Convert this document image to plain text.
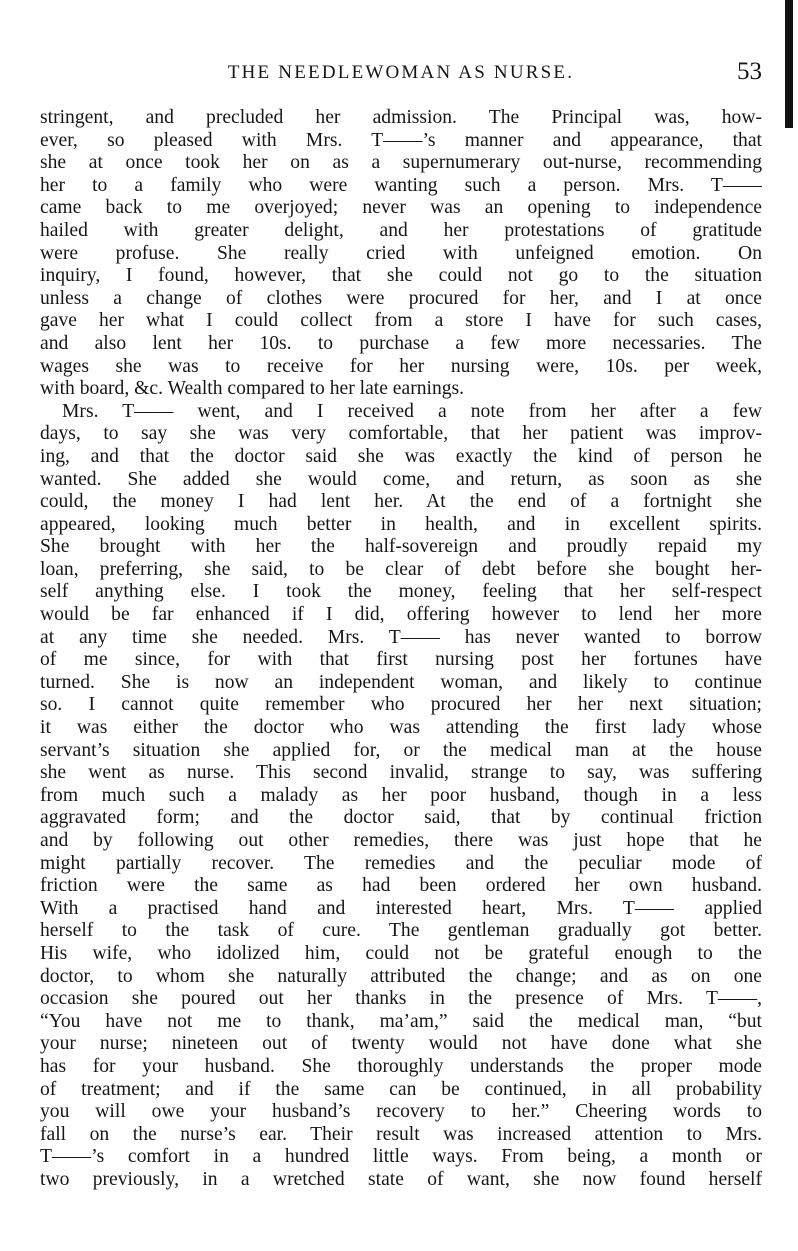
THE NEEDLEWOMAN AS NURSE.	53
stringent, and precluded her admission. The Principal was, how-
ever, so pleased with Mrs. T——’s manner and appearance, that
she at once took her on as a supernumerary out-nurse, recommending
her to a family who were wanting such a person. Mrs. T——
came back to me overjoyed; never was an opening to independence
hailed with greater delight, and her protestations of gratitude
were profuse. She really cried with unfeigned emotion. On
inquiry, I found, however, that she could not go to the situation
unless a change of clothes were procured for her, and I at once
gave her what I could collect from a store I have for such cases,
and also lent her 10s. to purchase a few more necessaries. The
wages she was to receive for her nursing were, 10s. per week,
with board, &c. Wealth compared to her late earnings.
Mrs. T—— went, and I received a note from her after a few
days, to say she was very comfortable, that her patient was improv-
ing, and that the doctor said she was exactly the kind of person he
wanted. She added she would come, and return, as soon as she
could, the money I had lent her. At the end of a fortnight she
appeared, looking much better in health, and in excellent spirits.
She brought with her the half-sovereign and proudly repaid my
loan, preferring, she said, to be clear of debt before she bought her-
self anything else. I took the money, feeling that her self-respect
would be far enhanced if I did, offering however to lend her more
at any time she needed. Mrs. T—— has never wanted to borrow
of me since, for with that first nursing post her fortunes have
turned. She is now an independent woman, and likely to continue
so. I cannot quite remember who procured her her next situation;
it was either the doctor who was attending the first lady whose
servant’s situation she applied for, or the medical man at the house
she went as nurse. This second invalid, strange to say, was suffering
from much such a malady as her poor husband, though in a less
aggravated form; and the doctor said, that by continual friction
and by following out other remedies, there was just hope that he
might partially recover. The remedies and the peculiar mode of
friction were the same as had been ordered her own husband.
With a practised hand and interested heart, Mrs. T—— applied
herself to the task of cure. The gentleman gradually got better.
His wife, who idolized him, could not be grateful enough to the
doctor, to whom she naturally attributed the change; and as on one
occasion she poured out her thanks in the presence of Mrs. T——,
“You have not me to thank, ma’am,” said the medical man, “but
your nurse; nineteen out of twenty would not have done what she
has for your husband. She thoroughly understands the proper mode
of treatment; and if the same can be continued, in all probability
you will owe your husband’s recovery to her.” Cheering words to
fall on the nurse’s ear. Their result was increased attention to Mrs.
T——’s comfort in a hundred little ways. From being, a month or
two previously, in a wretched state of want, she now found herself
